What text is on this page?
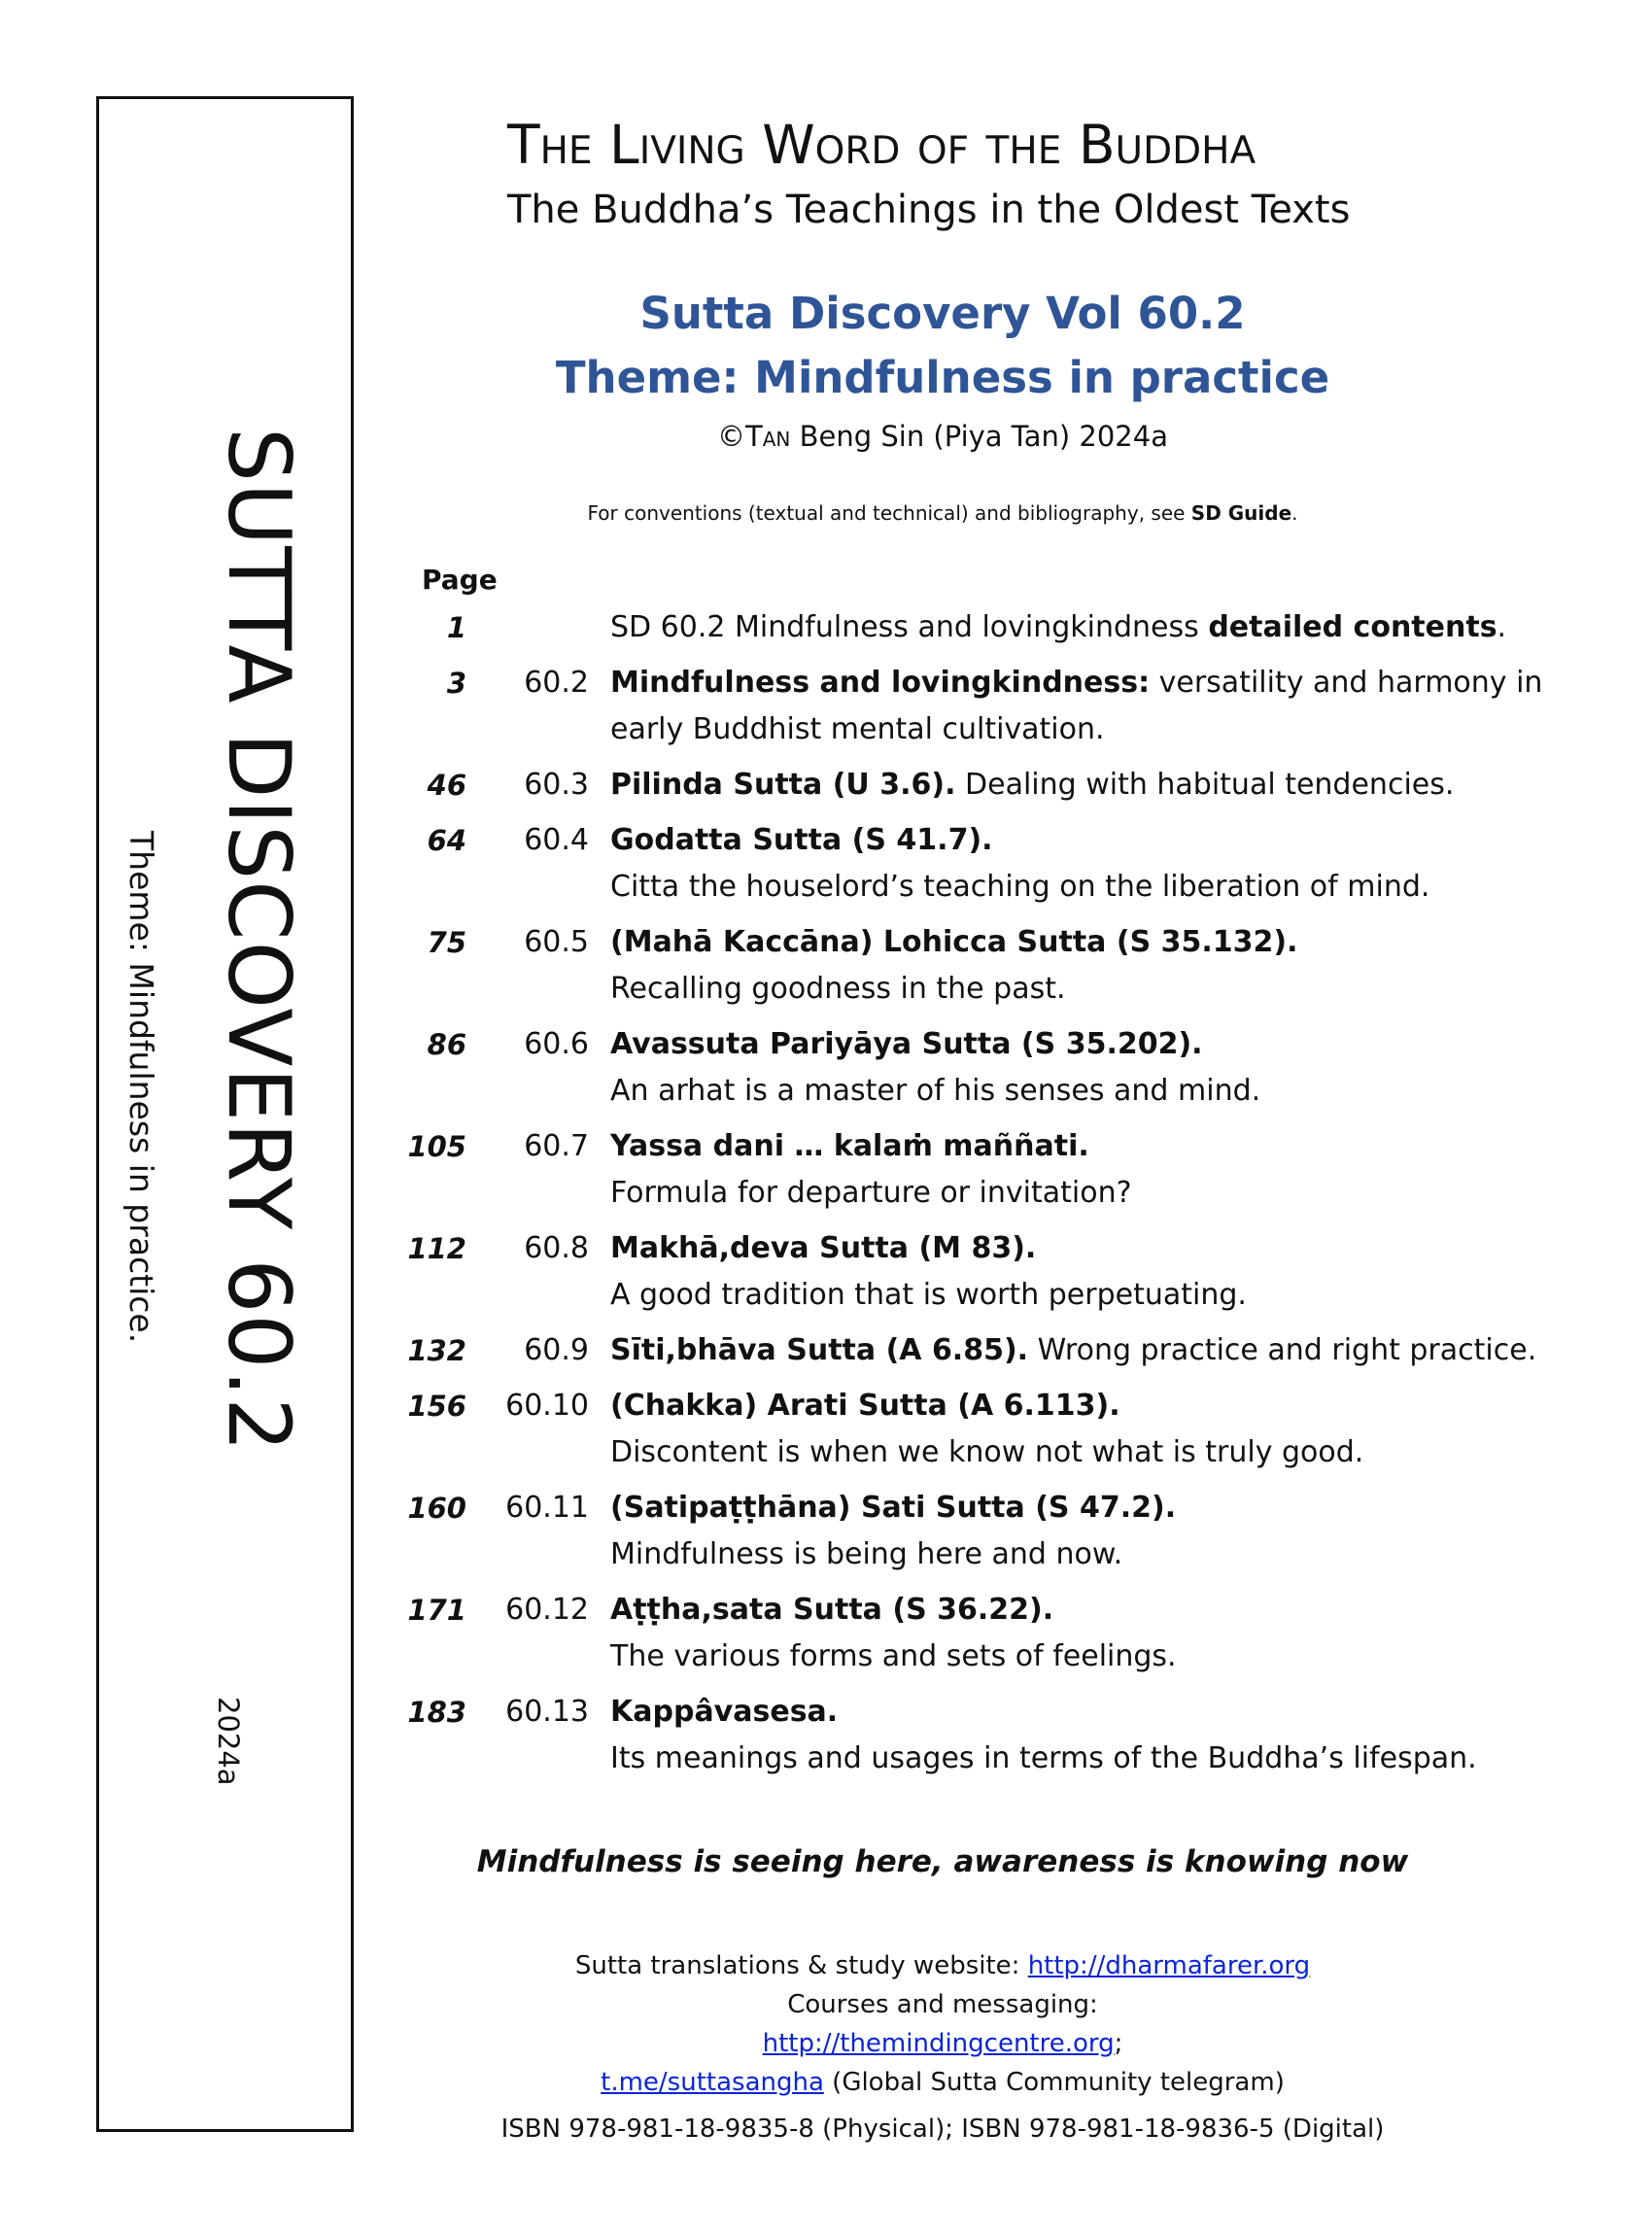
SUTTA DISCOVERY 60.2
Theme: Mindfulness in practice.
2024a
The Living Word of the Buddha
The Buddha’s Teachings in the Oldest Texts
Sutta Discovery Vol 60.2
Theme: Mindfulness in practice
©Tan Beng Sin (Piya Tan) 2024a
For conventions (textual and technical) and bibliography, see SD Guide.
Page
1	SD 60.2 Mindfulness and lovingkindness detailed contents.
3	60.2 Mindfulness and lovingkindness: versatility and harmony in early Buddhist mental cultivation.
46	60.3 Pilinda Sutta (U 3.6). Dealing with habitual tendencies.
64	60.4 Godatta Sutta (S 41.7).
Citta the houselord’s teaching on the liberation of mind.
75	60.5 (Mahā Kaccāna) Lohicca Sutta (S 35.132).
Recalling goodness in the past.
86	60.6 Avassuta Pariyāya Sutta (S 35.202).
An arhat is a master of his senses and mind.
105	60.7 Yassa dani … kalaṁ maññati.
Formula for departure or invitation?
112	60.8 Makhā,deva Sutta (M 83).
A good tradition that is worth perpetuating.
132	60.9 Sīti,bhāva Sutta (A 6.85). Wrong practice and right practice.
156	60.10 (Chakka) Arati Sutta (A 6.113).
Discontent is when we know not what is truly good.
160	60.11 (Satipaṭṭhāna) Sati Sutta (S 47.2).
Mindfulness is being here and now.
171	60.12 Aṭṭha,sata Sutta (S 36.22).
The various forms and sets of feelings.
183	60.13 Kappâvasesa.
Its meanings and usages in terms of the Buddha’s lifespan.
Mindfulness is seeing here, awareness is knowing now
Sutta translations & study website: http://dharmafarer.org
Courses and messaging:
http://themindingcentre.org;
t.me/suttasangha (Global Sutta Community telegram)
ISBN 978-981-18-9835-8 (Physical); ISBN 978-981-18-9836-5 (Digital)
